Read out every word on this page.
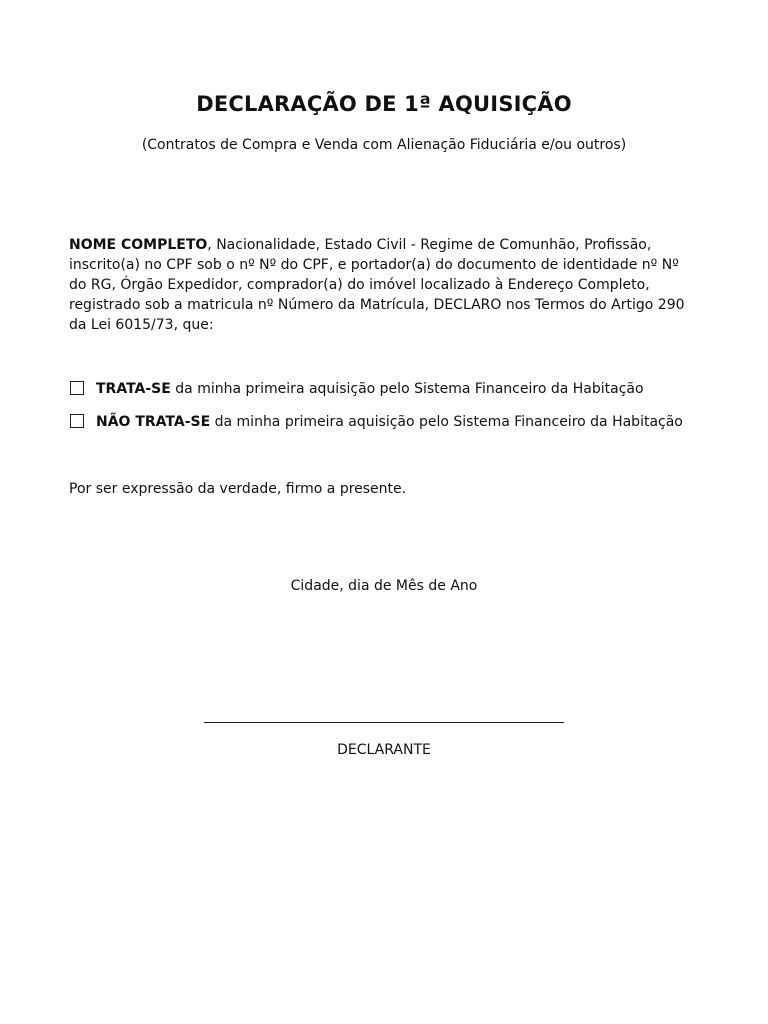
DECLARAÇÃO DE 1ª AQUISIÇÃO

(Contratos de Compra e Venda com Alienação Fiduciária e/ou outros)

NOME COMPLETO, Nacionalidade, Estado Civil - Regime de Comunhão, Profissão, inscrito(a) no CPF sob o nº Nº do CPF, e portador(a) do documento de identidade nº Nº do RG, Órgão Expedidor, comprador(a) do imóvel localizado à Endereço Completo, registrado sob a matricula nº Número da Matrícula, DECLARO nos Termos do Artigo 290 da Lei 6015/73, que:

TRATA-SE da minha primeira aquisição pelo Sistema Financeiro da Habitação
NÃO TRATA-SE da minha primeira aquisição pelo Sistema Financeiro da Habitação

Por ser expressão da verdade, firmo a presente.

Cidade, dia de Mês de Ano

DECLARANTE
